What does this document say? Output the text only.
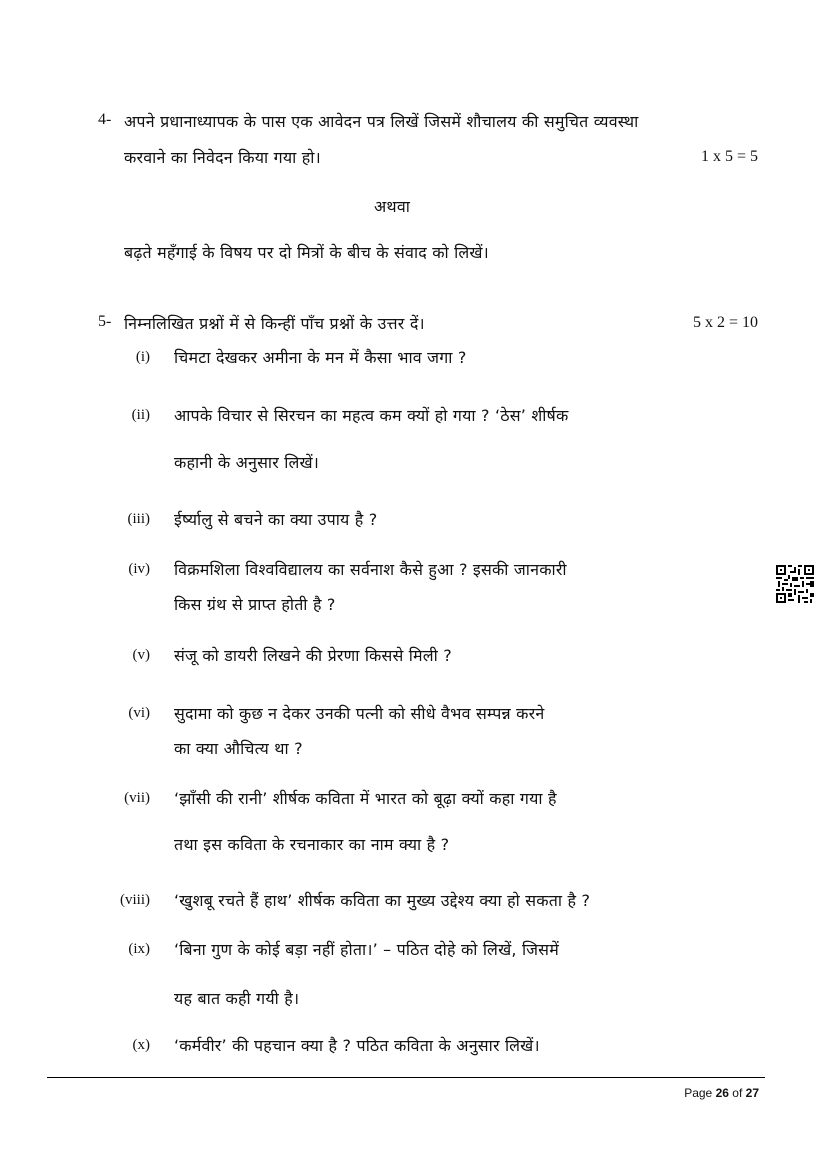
4- अपने प्रधानाध्यापक के पास एक आवेदन पत्र लिखें जिसमें शौचालय की समुचित व्यवस्था
करवाने का निवेदन किया गया हो।	1 x 5 = 5
अथवा
बढ़ते महँगाई के विषय पर दो मित्रों के बीच के संवाद को लिखें।
5- निम्नलिखित प्रश्नों में से किन्हीं पाँच प्रश्नों के उत्तर दें।	5 x 2 = 10
(i) चिमटा देखकर अमीना के मन में कैसा भाव जगा ?
(ii) आपके विचार से सिरचन का महत्व कम क्यों हो गया ? ‘ठेस’ शीर्षक
कहानी के अनुसार लिखें।
(iii) ईर्ष्यालु से बचने का क्या उपाय है ?
(iv) विक्रमशिला विश्वविद्यालय का सर्वनाश कैसे हुआ ? इसकी जानकारी
किस ग्रंथ से प्राप्त होती है ?
(v) संजू को डायरी लिखने की प्रेरणा किससे मिली ?
(vi) सुदामा को कुछ न देकर उनकी पत्नी को सीधे वैभव सम्पन्न करने
का क्या औचित्य था ?
(vii) ‘झाँसी की रानी’ शीर्षक कविता में भारत को बूढ़ा क्यों कहा गया है
तथा इस कविता के रचनाकार का नाम क्या है ?
(viii) ‘खुशबू रचते हैं हाथ’ शीर्षक कविता का मुख्य उद्देश्य क्या हो सकता है ?
(ix) ‘बिना गुण के कोई बड़ा नहीं होता।’ – पठित दोहे को लिखें, जिसमें
यह बात कही गयी है।
(x) ‘कर्मवीर’ की पहचान क्या है ? पठित कविता के अनुसार लिखें।
Page 26 of 27
